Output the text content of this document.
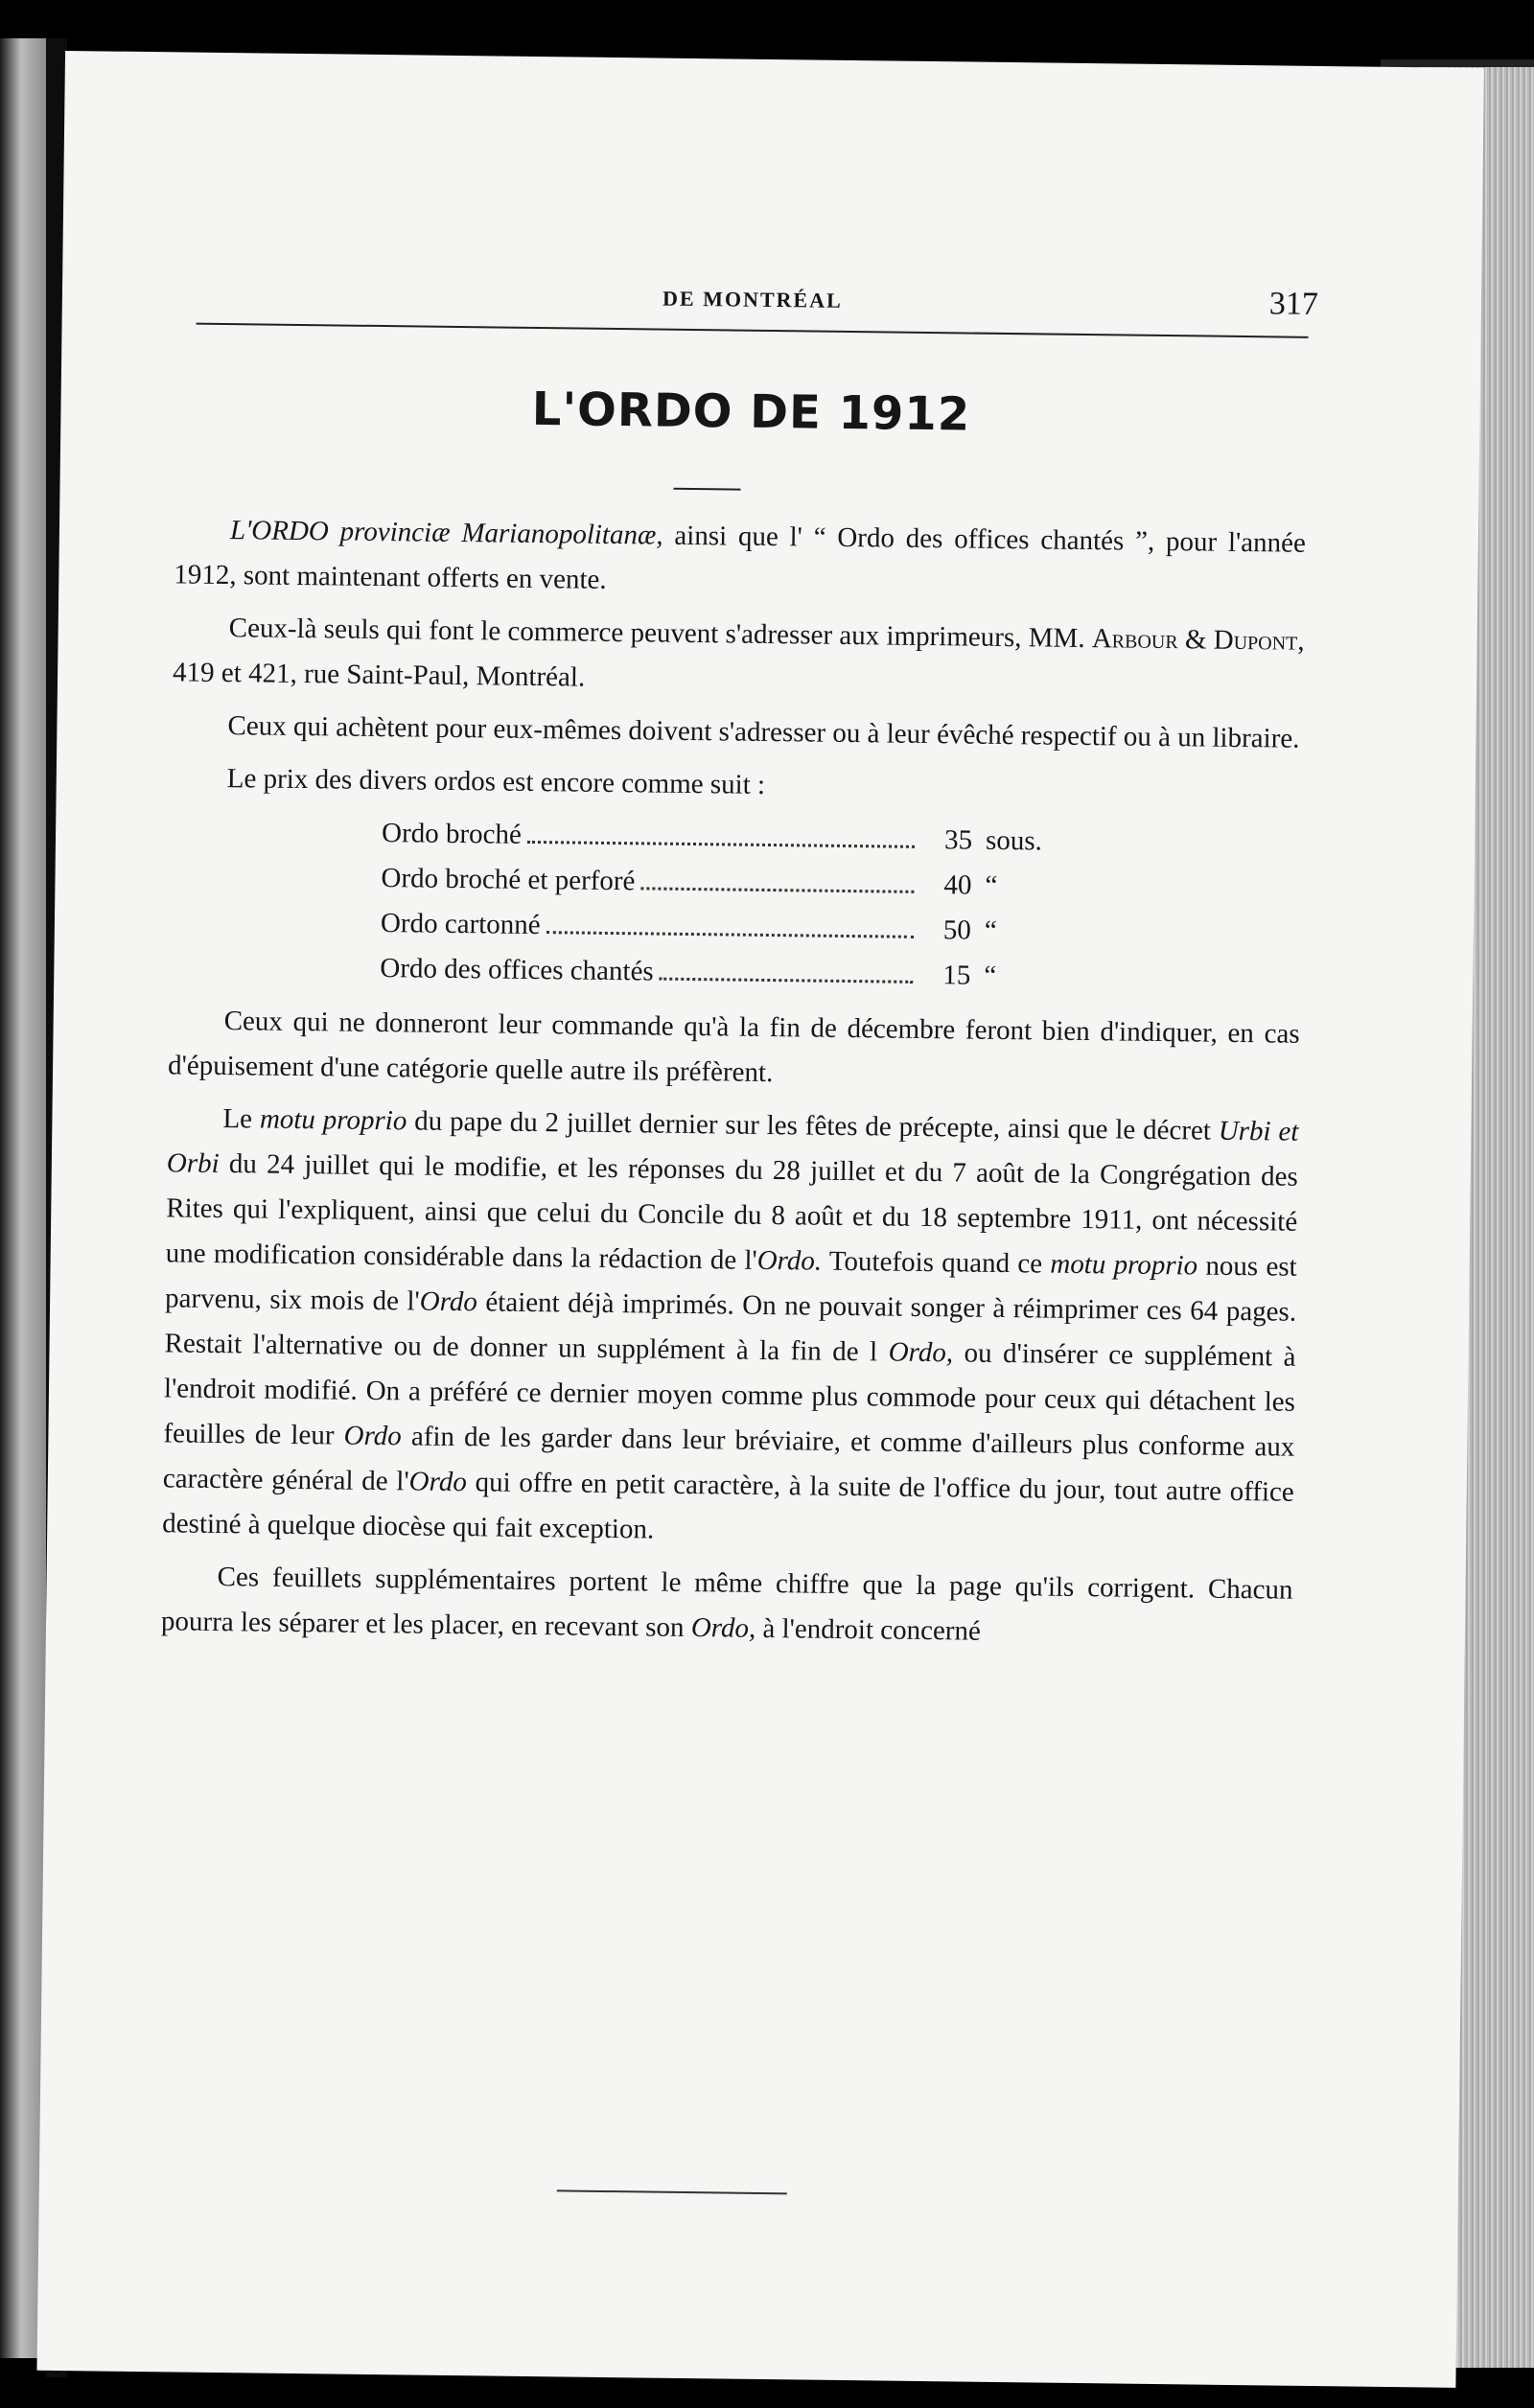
DE MONTRÉAL	317
L'ORDO DE 1912

L'ORDO provinciæ Marianopolitanæ, ainsi que l' “ Ordo des offices chantés ”, pour l'année 1912, sont maintenant offerts en vente.

Ceux-là seuls qui font le commerce peuvent s'adresser aux imprimeurs, MM. Arbour & Dupont, 419 et 421, rue Saint-Paul, Montréal.

Ceux qui achètent pour eux-mêmes doivent s'adresser ou à leur évêché respectif ou à un libraire.

Le prix des divers ordos est encore comme suit :

Ordo broché	35 sous.
Ordo broché et perforé	40 “
Ordo cartonné	50 “
Ordo des offices chantés	15 “

Ceux qui ne donneront leur commande qu'à la fin de décembre feront bien d'indiquer, en cas d'épuisement d'une catégorie quelle autre ils préfèrent.

Le motu proprio du pape du 2 juillet dernier sur les fêtes de précepte, ainsi que le décret Urbi et Orbi du 24 juillet qui le modifie, et les réponses du 28 juillet et du 7 août de la Congrégation des Rites qui l'expliquent, ainsi que celui du Concile du 8 août et du 18 septembre 1911, ont nécessité une modification considérable dans la rédaction de l'Ordo. Toutefois quand ce motu proprio nous est parvenu, six mois de l'Ordo étaient déjà imprimés. On ne pouvait songer à réimprimer ces 64 pages. Restait l'alternative ou de donner un supplément à la fin de l Ordo, ou d'insérer ce supplément à l'endroit modifié. On a préféré ce dernier moyen comme plus commode pour ceux qui détachent les feuilles de leur Ordo afin de les garder dans leur bréviaire, et comme d'ailleurs plus conforme aux caractère général de l'Ordo qui offre en petit caractère, à la suite de l'office du jour, tout autre office destiné à quelque diocèse qui fait exception.

Ces feuillets supplémentaires portent le même chiffre que la page qu'ils corrigent. Chacun pourra les séparer et les placer, en recevant son Ordo, à l'endroit concerné
